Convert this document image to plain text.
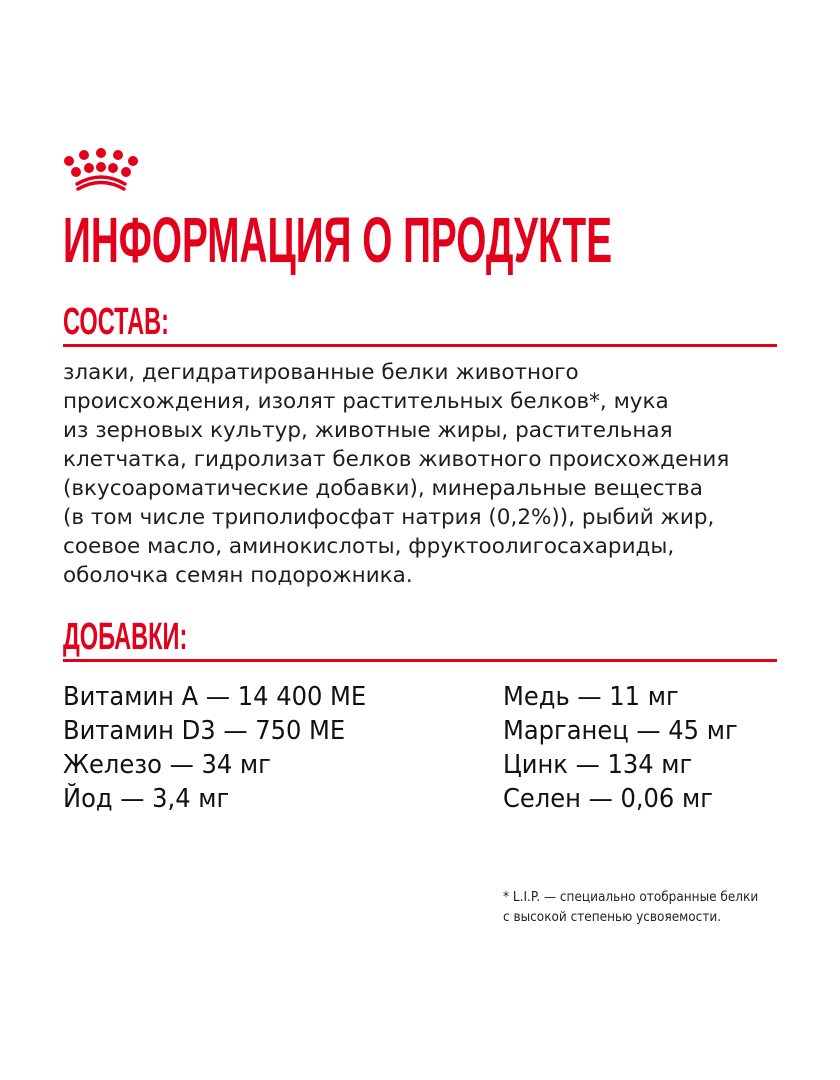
ИНФОРМАЦИЯ О ПРОДУКТЕ
СОСТАВ:

злаки, дегидратированные белки животного
происхождения, изолят растительных белков*, мука
из зерновых культур, животные жиры, растительная
клетчатка, гидролизат белков животного происхождения
(вкусоароматические добавки), минеральные вещества
(в том числе триполифосфат натрия (0,2%)), рыбий жир,
соевое масло, аминокислоты, фруктоолигосахариды,
оболочка семян подорожника.

ДОБАВКИ:
Витамин A — 14 400 МЕ
Витамин D3 — 750 МЕ
Железо — 34 мг
Йод — 3,4 мг
Медь — 11 мг
Марганец — 45 мг
Цинк — 134 мг
Селен — 0,06 мг
* L.I.P. — специально отобранные белки
с высокой степенью усвояемости.
